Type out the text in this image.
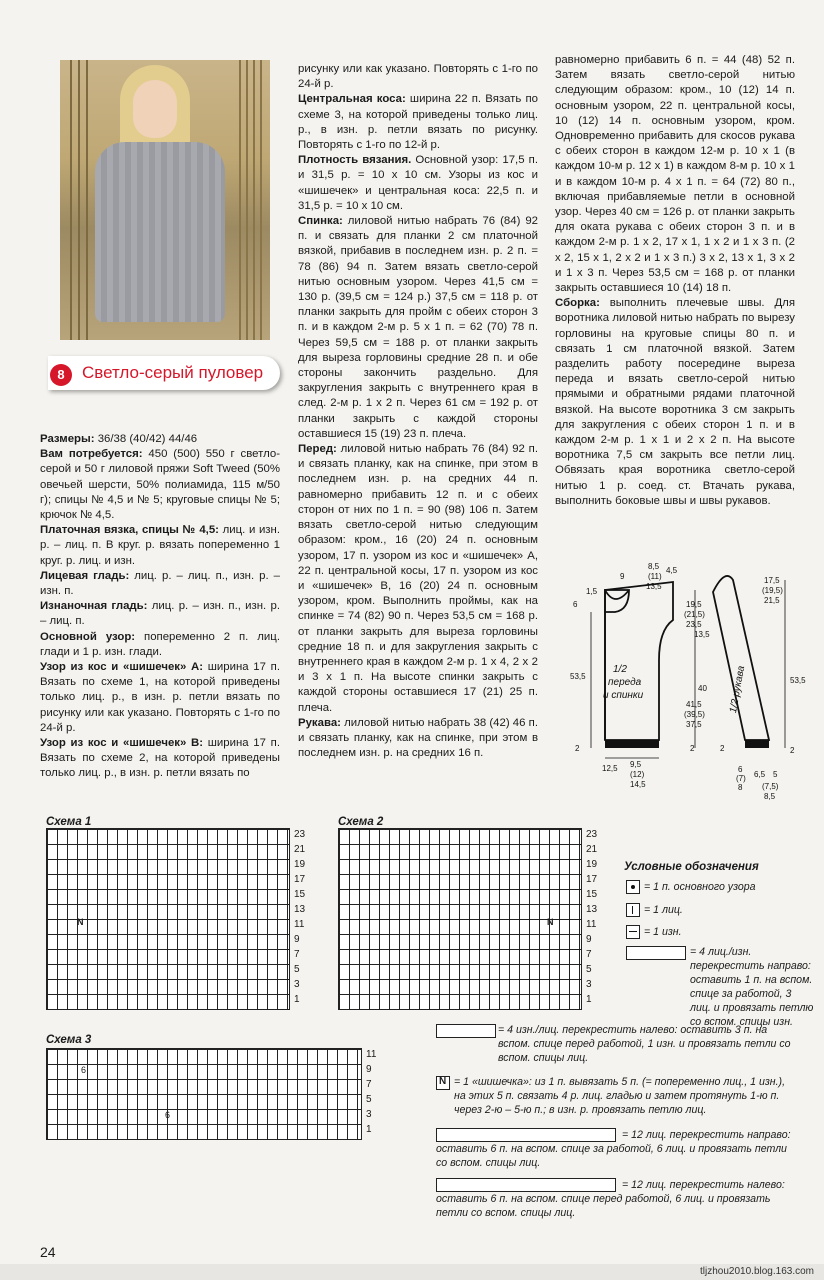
8	Светло-серый пуловер

Размеры: 36/38 (40/42) 44/46

Вам потребуется: 450 (500) 550 г светло-серой и 50 г лиловой пряжи Soft Tweed (50% овечьей шерсти, 50% полиамида, 115 м/50 г); спицы № 4,5 и № 5; круговые спицы № 5; крючок № 4,5.

Платочная вязка, спицы № 4,5: лиц. и изн. р. – лиц. п. В круг. р. вязать попеременно 1 круг. р. лиц. и изн.

Лицевая гладь: лиц. р. – лиц. п., изн. р. – изн. п.

Изнаночная гладь: лиц. р. – изн. п., изн. р. – лиц. п.

Основной узор: попеременно 2 п. лиц. глади и 1 р. изн. глади.

Узор из кос и «шишечек» A: ширина 17 п. Вязать по схеме 1, на которой приведены только лиц. р., в изн. р. петли вязать по рисунку или как указано. Повторять с 1-го по 24-й р.

Узор из кос и «шишечек» B: ширина 17 п. Вязать по схеме 2, на которой приведены только лиц. р., в изн. р. петли вязать по

рисунку или как указано. Повторять с 1-го по 24-й р.

Центральная коса: ширина 22 п. Вязать по схеме 3, на которой приведены только лиц. р., в изн. р. петли вязать по рисунку. Повторять с 1-го по 12-й р.

Плотность вязания. Основной узор: 17,5 п. и 31,5 р. = 10 х 10 см. Узоры из кос и «шишечек» и центральная коса: 22,5 п. и 31,5 р. = 10 х 10 см.

Спинка: лиловой нитью набрать 76 (84) 92 п. и связать для планки 2 см платочной вязкой, прибавив в последнем изн. р. 2 п. = 78 (86) 94 п. Затем вязать светло-серой нитью основным узором. Через 41,5 см = 130 р. (39,5 см = 124 р.) 37,5 см = 118 р. от планки закрыть для пройм с обеих сторон 3 п. и в каждом 2-м р. 5 х 1 п. = 62 (70) 78 п. Через 59,5 см = 188 р. от планки закрыть для выреза горловины средние 28 п. и обе стороны закончить раздельно. Для закругления закрыть с внутреннего края в след. 2-м р. 1 х 2 п. Через 61 см = 192 р. от планки закрыть с каждой стороны оставшиеся 15 (19) 23 п. плеча.

Перед: лиловой нитью набрать 76 (84) 92 п. и связать планку, как на спинке, при этом в последнем изн. р. на средних 44 п. равномерно прибавить 12 п. и с обеих сторон от них по 1 п. = 90 (98) 106 п. Затем вязать светло-серой нитью следующим образом: кром., 16 (20) 24 п. основным узором, 17 п. узором из кос и «шишечек» A, 22 п. центральной косы, 17 п. узором из кос и «шишечек» B, 16 (20) 24 п. основным узором, кром. Выполнить проймы, как на спинке = 74 (82) 90 п. Через 53,5 см = 168 р. от планки закрыть для выреза горловины средние 18 п. и для закругления закрыть с внутреннего края в каждом 2-м р. 1 х 4, 2 х 2 и 3 х 1 п. На высоте спинки закрыть с каждой стороны оставшиеся 17 (21) 25 п. плеча.

Рукава: лиловой нитью набрать 38 (42) 46 п. и связать планку, как на спинке, при этом в последнем изн. р. на средних 16 п.

равномерно прибавить 6 п. = 44 (48) 52 п. Затем вязать светло-серой нитью следующим образом: кром., 10 (12) 14 п. основным узором, 22 п. центральной косы, 10 (12) 14 п. основным узором, кром. Одновременно прибавить для скосов рукава с обеих сторон в каждом 12-м р. 10 х 1 (в каждом 10-м р. 12 х 1) в каждом 8-м р. 10 х 1 и в каждом 10-м р. 4 х 1 п. = 64 (72) 80 п., включая прибавляемые петли в основной узор. Через 40 см = 126 р. от планки закрыть для оката рукава с обеих сторон 3 п. и в каждом 2-м р. 1 х 2, 17 х 1, 1 х 2 и 1 х 3 п. (2 х 2, 15 х 1, 2 х 2 и 1 х 3 п.) 3 х 2, 13 х 1, 3 х 2 и 1 х 3 п. Через 53,5 см = 168 р. от планки закрыть оставшиеся 10 (14) 18 п.

Сборка: выполнить плечевые швы. Для воротника лиловой нитью набрать по вырезу горловины на круговые спицы 80 п. и связать 1 см платочной вязкой. Затем разделить работу посередине выреза переда и вязать светло-серой нитью прямыми и обратными рядами платочной вязкой. На высоте воротника 3 см закрыть для закругления с обеих сторон 1 п. и в каждом 2-м р. 1 х 1 и 2 х 2 п. На высоте воротника 7,5 см закрыть все петли лиц. Обвязать края воротника светло-серой нитью 1 р. соед. ст. Втачать рукава, выполнить боковые швы и швы рукавов.

9
8,5
(11)
13,5
4,5
1,5
6	19,5
(21,5)
23,5
53,5
1/2
переда
и спинки
41,5
(39,5)
37,5
2	2
12,5 9,5
(12)
14,5
17,5
(19,5)
21,5
13,5
40
53,5
1/2 рукава
2	2
6
(7)
8
6,5 5
(7,5)
8,5
Схема 1
N
23
21
19
17
15
13
11
9
7
5
3
1
Схема 2
N
23
21
19
17
15
13
11
9
7
5
3
1
Схема 3
6
6
11
9
7
5
3
1
Условные обозначения
= 1 п. основного узора
= 1 лиц.
= 1 изн.
= 4 лиц./изн. перекрестить направо: оставить 1 п. на вспом. спице за работой, 3 лиц. и провязать петлю со вспом. спицы изн.
= 4 изн./лиц. перекрестить налево: оставить 3 п. на вспом. спице перед работой, 1 изн. и провязать петли со вспом. спицы лиц.
N = 1 «шишечка»: из 1 п. вывязать 5 п. (= попеременно лиц., 1 изн.), на этих 5 п. связать 4 р. лиц. гладью и затем протянуть 1-ю п. через 2-ю – 5-ю п.; в изн. р. провязать петлю лиц.
= 12 лиц. перекрестить направо: оставить 6 п. на вспом. спице за работой, 6 лиц. и провязать петли со вспом. спицы лиц.
= 12 лиц. перекрестить налево: оставить 6 п. на вспом. спице перед работой, 6 лиц. и провязать петли со вспом. спицы лиц.
24
tljzhou2010.blog.163.com
